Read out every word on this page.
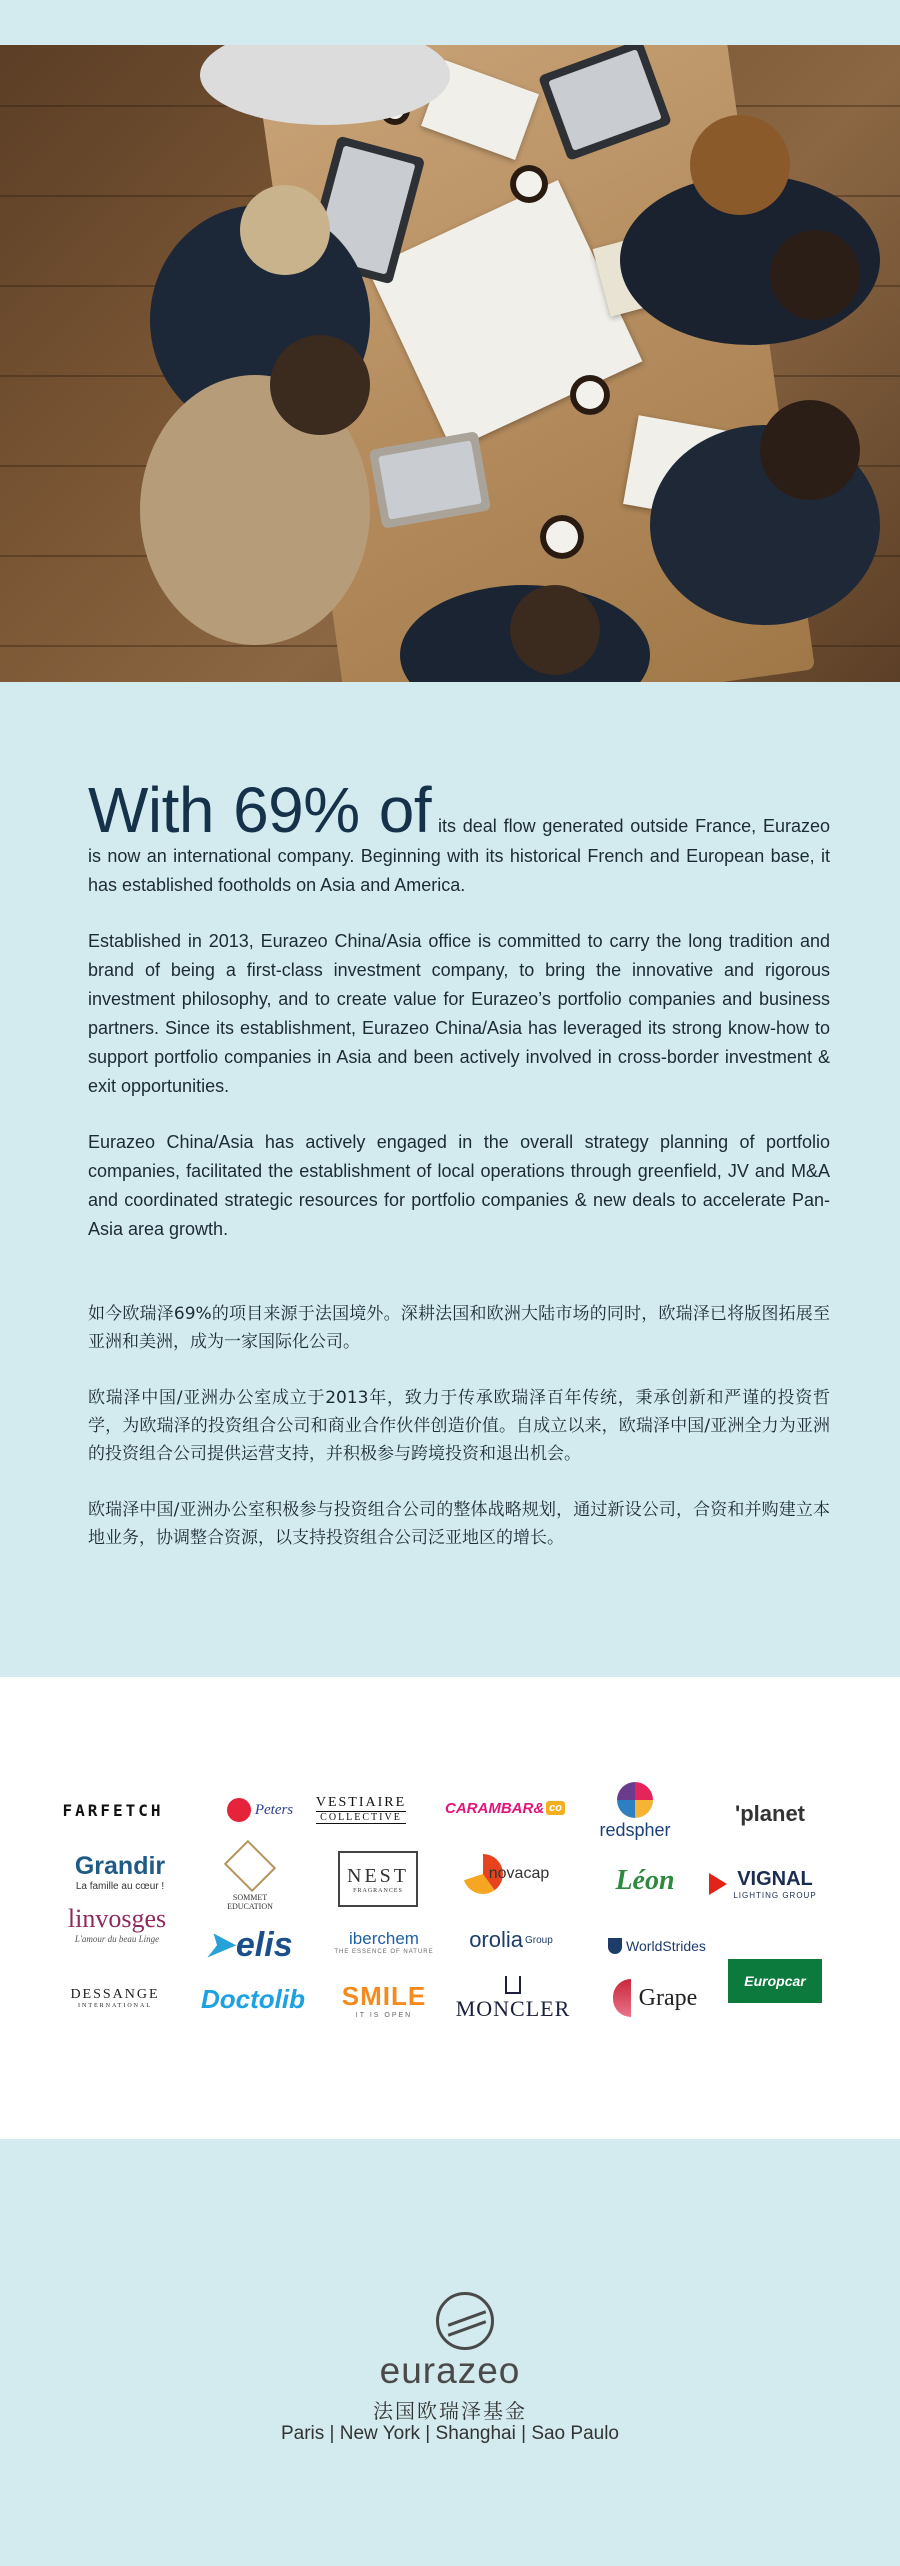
With 69% of its deal flow generated outside France, Eurazeo is now an international company. Beginning with its historical French and European base, it has established footholds on Asia and America.

Established in 2013, Eurazeo China/Asia office is committed to carry the long tradition and brand of being a first-class investment company, to bring the innovative and rigorous investment philosophy, and to create value for Eurazeo’s portfolio companies and business partners. Since its establishment, Eurazeo China/Asia has leveraged its strong know-how to support portfolio companies in Asia and been actively involved in cross-border investment & exit opportunities.

Eurazeo China/Asia has actively engaged in the overall strategy planning of portfolio companies, facilitated the establishment of local operations through greenfield, JV and M&A and coordinated strategic resources for portfolio companies & new deals to accelerate Pan-Asia area growth.

如今欧瑞泽69%的项目来源于法国境外。深耕法国和欧洲大陆市场的同时，欧瑞泽已将版图拓展至亚洲和美洲，成为一家国际化公司。

欧瑞泽中国/亚洲办公室成立于2013年，致力于传承欧瑞泽百年传统，秉承创新和严谨的投资哲学，为欧瑞泽的投资组合公司和商业合作伙伴创造价值。自成立以来，欧瑞泽中国/亚洲全力为亚洲的投资组合公司提供运营支持，并积极参与跨境投资和退出机会。

欧瑞泽中国/亚洲办公室积极参与投资组合公司的整体战略规划，通过新设公司，合资和并购建立本地业务，协调整合资源，以支持投资组合公司泛亚地区的增长。

FARFETCH	Peters VESTIAIRE
COLLECTIVE
CARAMBAR& co
redspher
'planet
Grandir
La famille au cœur !
SOMMET
EDUCATION
NEST
FRAGRANCES
novacap Léon	VIGNAL
LIGHTING GROUP
linvosges
L'amour du beau Linge ➤ elis	iberchem
THE ESSENCE OF NATURE orolia Group	WorldStrides
Europcar
DESSANGE
INTERNATIONAL Doctolib SMILE
IT IS OPEN MONCLER	Grape
eurazeo
法国欧瑞泽基金
Paris | New York | Shanghai | Sao Paulo
